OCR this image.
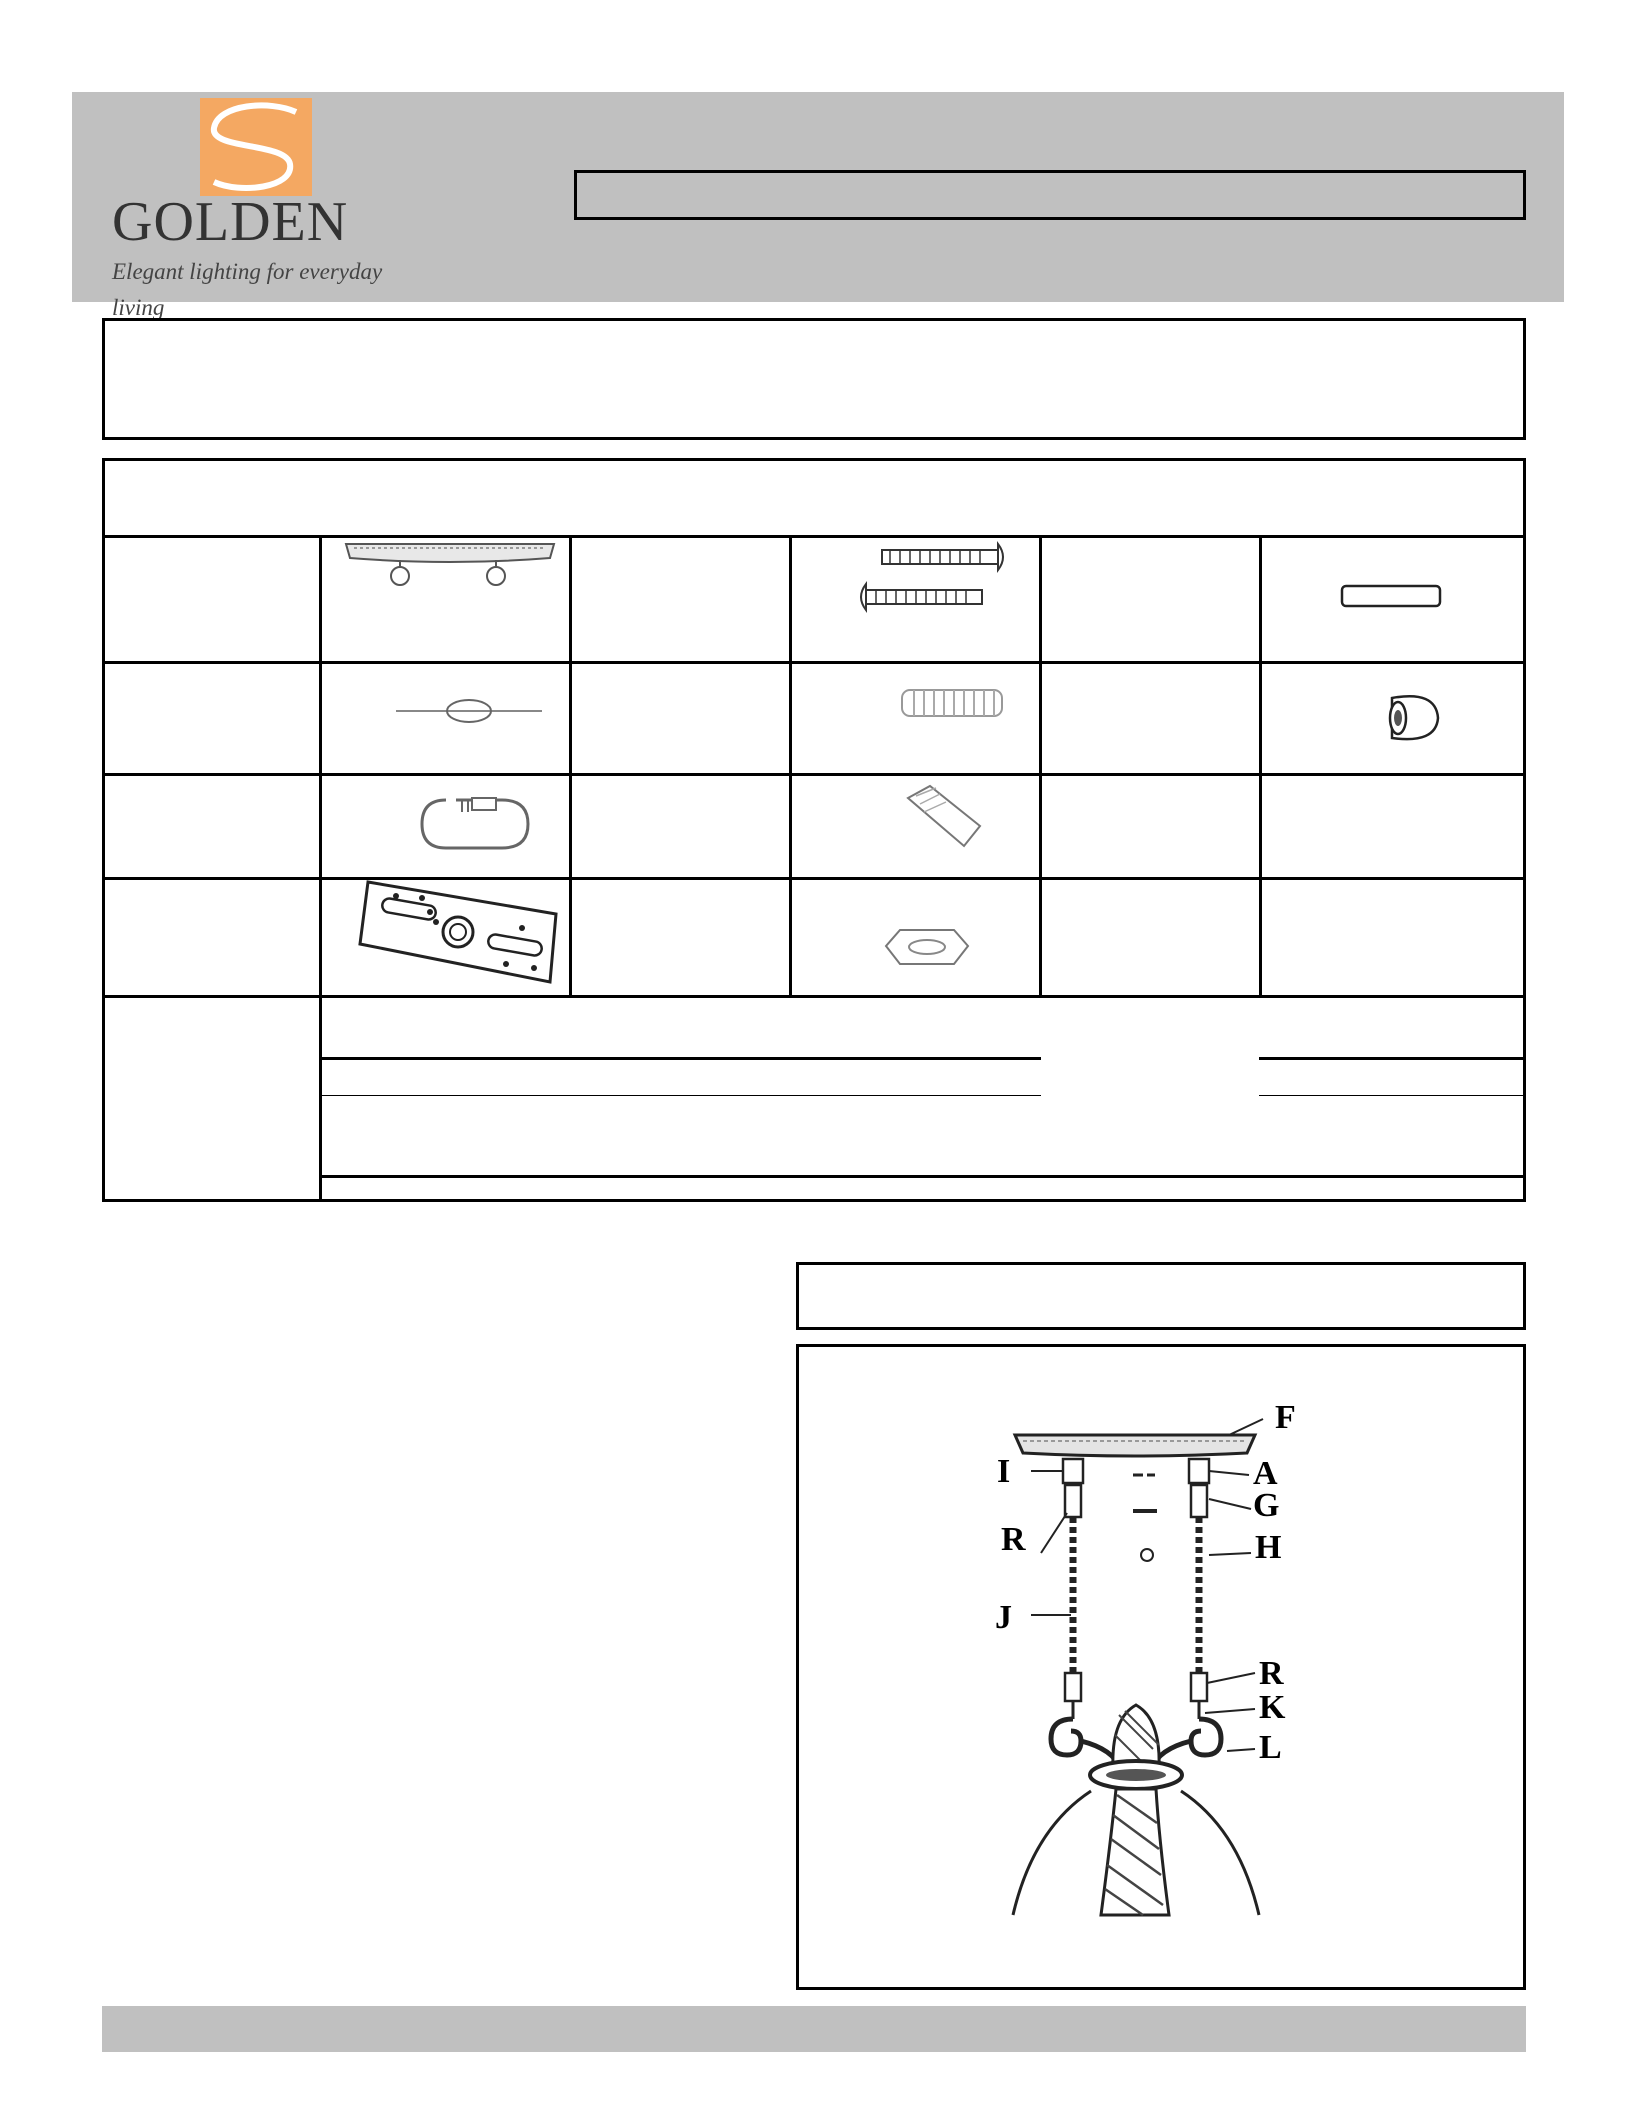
GOLDEN
Elegant lighting for everyday living
F
I	A
G
R	H
J
R
K
L
